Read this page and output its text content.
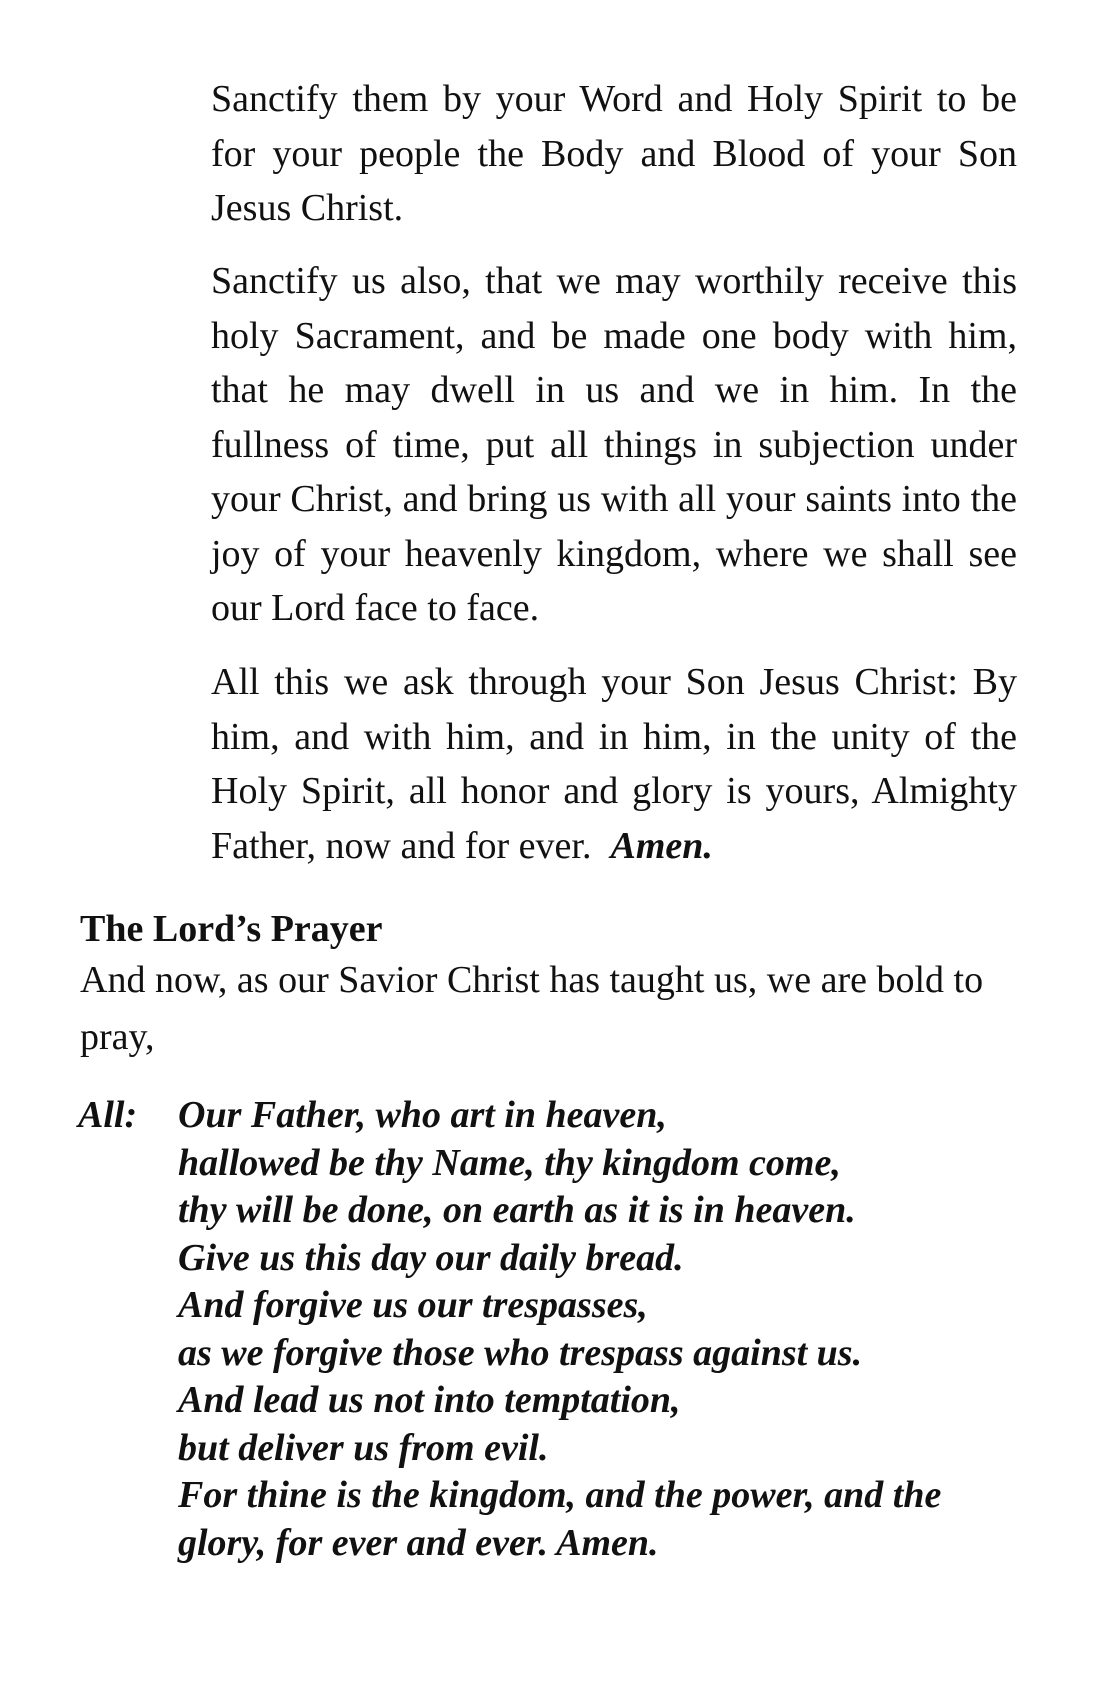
Sanctify them by your Word and Holy Spirit to be for your people the Body and Blood of your Son Jesus Christ.

Sanctify us also, that we may worthily receive this holy Sacrament, and be made one body with him, that he may dwell in us and we in him. In the fullness of time, put all things in subjection under your Christ, and bring us with all your saints into the joy of your heavenly kingdom, where we shall see our Lord face to face.

All this we ask through your Son Jesus Christ: By him, and with him, and in him, in the unity of the Holy Spirit, all honor and glory is yours, Almighty Father, now and for ever. Amen.

The Lord’s Prayer

And now, as our Savior Christ has taught us, we are bold to pray,

All: Our Father, who art in heaven,
hallowed be thy Name, thy kingdom come,
thy will be done, on earth as it is in heaven.
Give us this day our daily bread.
And forgive us our trespasses,
as we forgive those who trespass against us.
And lead us not into temptation,
but deliver us from evil.
For thine is the kingdom, and the power, and the
glory, for ever and ever. Amen.
